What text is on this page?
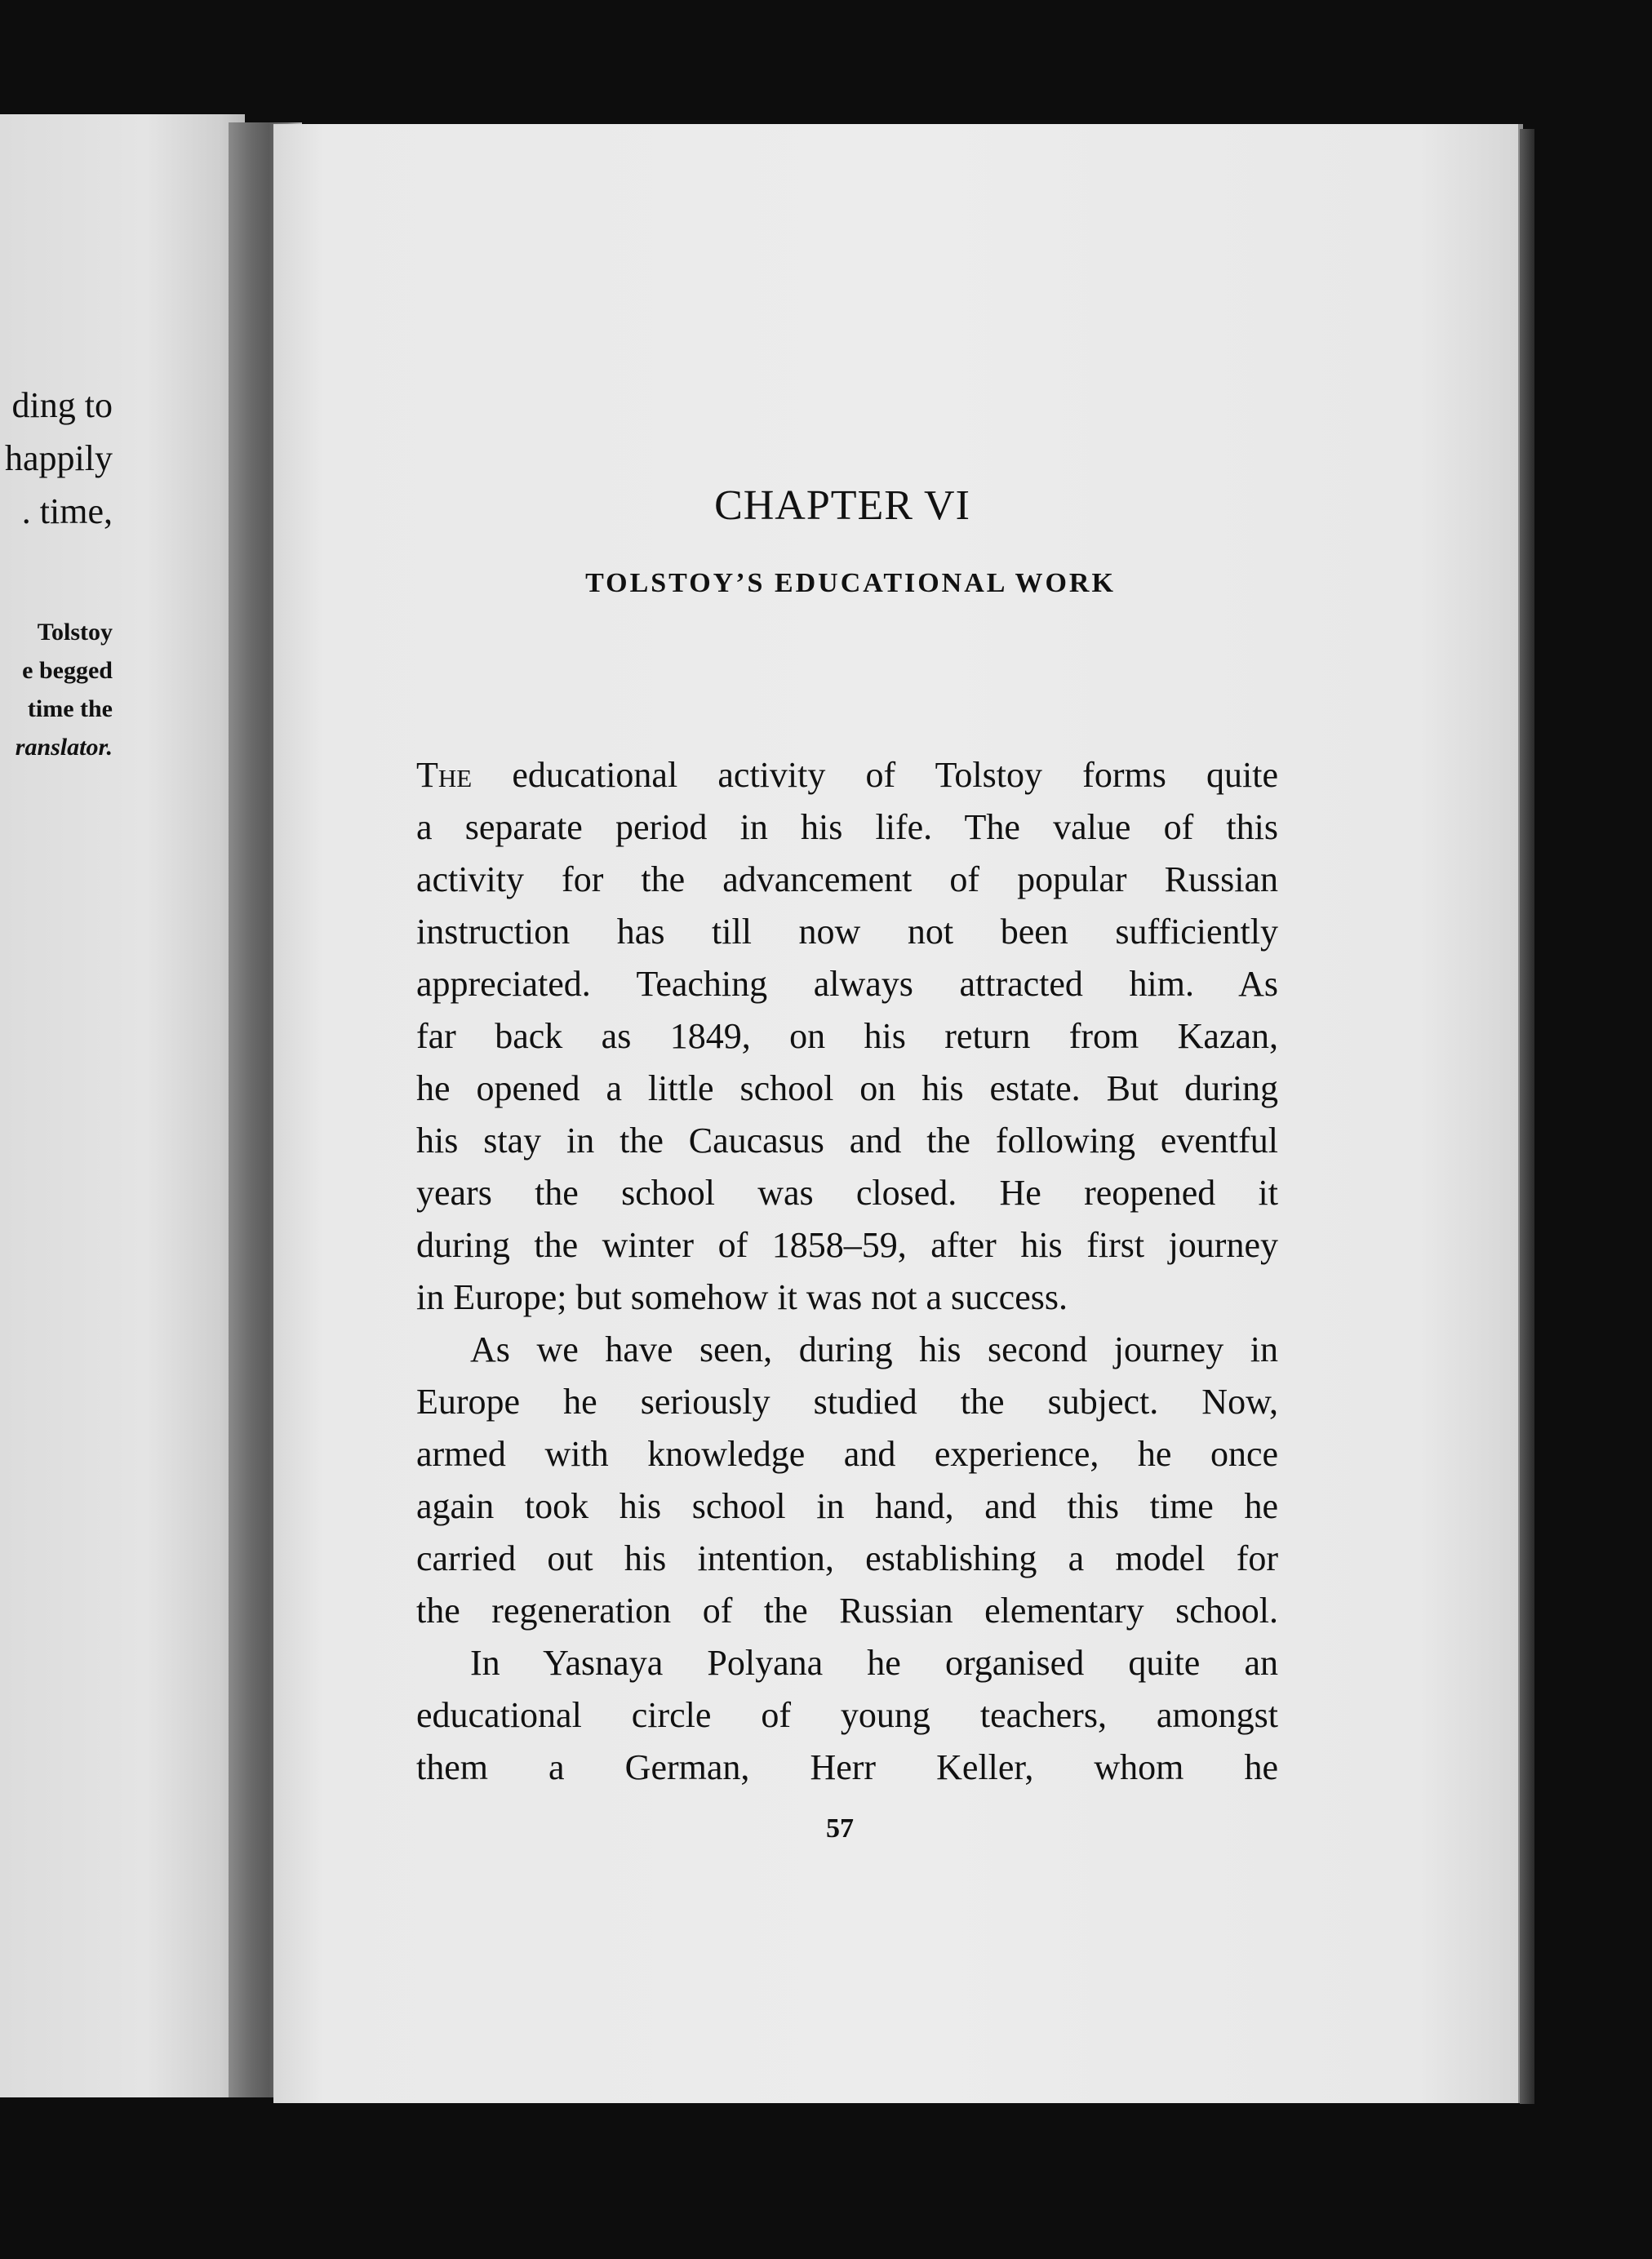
ding to
happily
. time,
Tolstoy
e begged
time the
ranslator.
CHAPTER VI
TOLSTOY’S EDUCATIONAL WORK

The educational activity of Tolstoy forms quite
a separate period in his life. The value of this
activity for the advancement of popular Russian
instruction has till now not been sufficiently
appreciated. Teaching always attracted him. As
far back as 1849, on his return from Kazan,
he opened a little school on his estate. But during
his stay in the Caucasus and the following eventful
years the school was closed. He reopened it
during the winter of 1858–59, after his first journey
in Europe; but somehow it was not a success.

As we have seen, during his second journey in
Europe he seriously studied the subject. Now,
armed with knowledge and experience, he once
again took his school in hand, and this time he
carried out his intention, establishing a model for
the regeneration of the Russian elementary school.

In Yasnaya Polyana he organised quite an
educational circle of young teachers, amongst
them a German, Herr Keller, whom he

57
